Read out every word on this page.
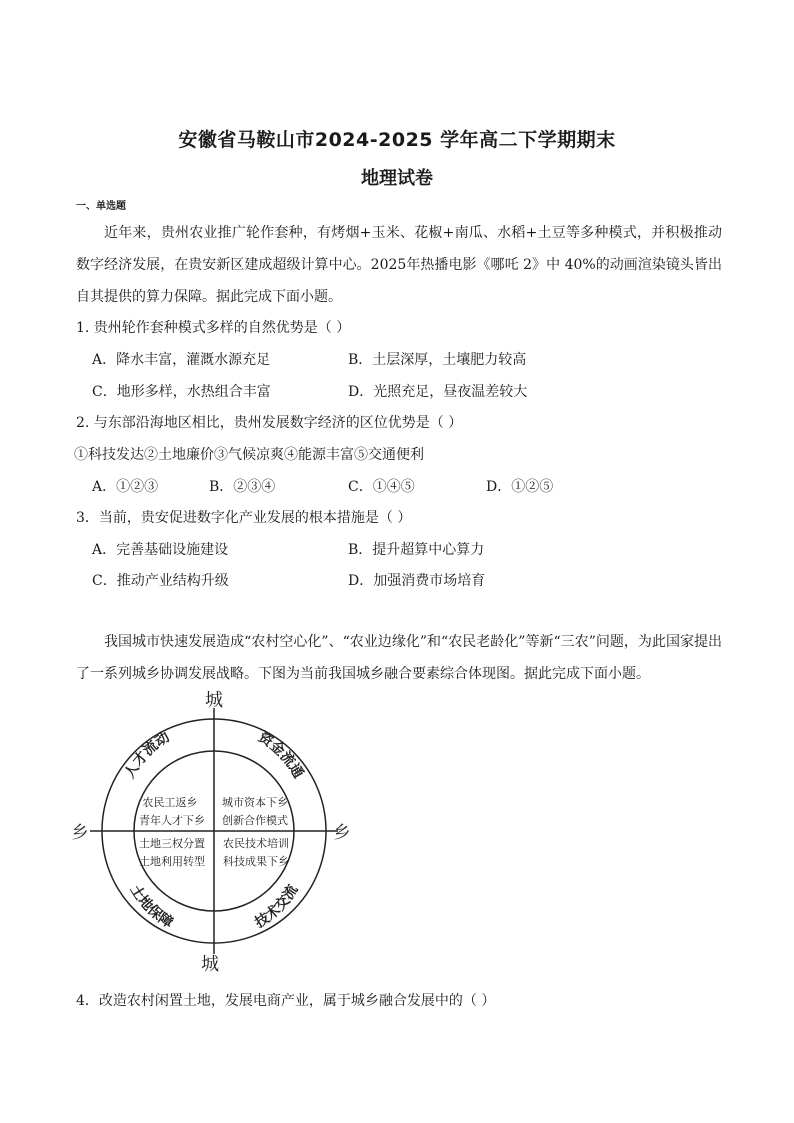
安徽省马鞍山市2024-2025 学年高二下学期期末
地理试卷
一、单选题
近年来，贵州农业推广轮作套种，有烤烟+玉米、花椒+南瓜、水稻+土豆等多种模式，并积极推动数字经济发展，在贵安新区建成超级计算中心。2025年热播电影《哪吒 2》中 40%的动画渲染镜头皆出自其提供的算力保障。据此完成下面小题。
1. 贵州轮作套种模式多样的自然优势是（ ）
A．降水丰富，灌溉水源充足	B．土层深厚，土壤肥力较高
C．地形多样，水热组合丰富	D．光照充足，昼夜温差较大
2. 与东部沿海地区相比，贵州发展数字经济的区位优势是（ ）
①科技发达②土地廉价③气候凉爽④能源丰富⑤交通便利
A．①②③	B．②③④	C．①④⑤	D．①②⑤
3．当前，贵安促进数字化产业发展的根本措施是（ ）
A．完善基础设施建设	B．提升超算中心算力
C．推动产业结构升级	D．加强消费市场培育
我国城市快速发展造成“农村空心化”、“农业边缘化”和“农民老龄化”等新“三农”问题，为此国家提出了一系列城乡协调发展战略。下图为当前我国城乡融合要素综合体现图。据此完成下面小题。
城
城
乡	乡
人才流动	资金流通
土地保障	技术交流
农民工返乡
青年人才下乡
城市资本下乡
创新合作模式
土地三权分置
土地利用转型
农民技术培训
科技成果下乡
4．改造农村闲置土地，发展电商产业，属于城乡融合发展中的（ ）
